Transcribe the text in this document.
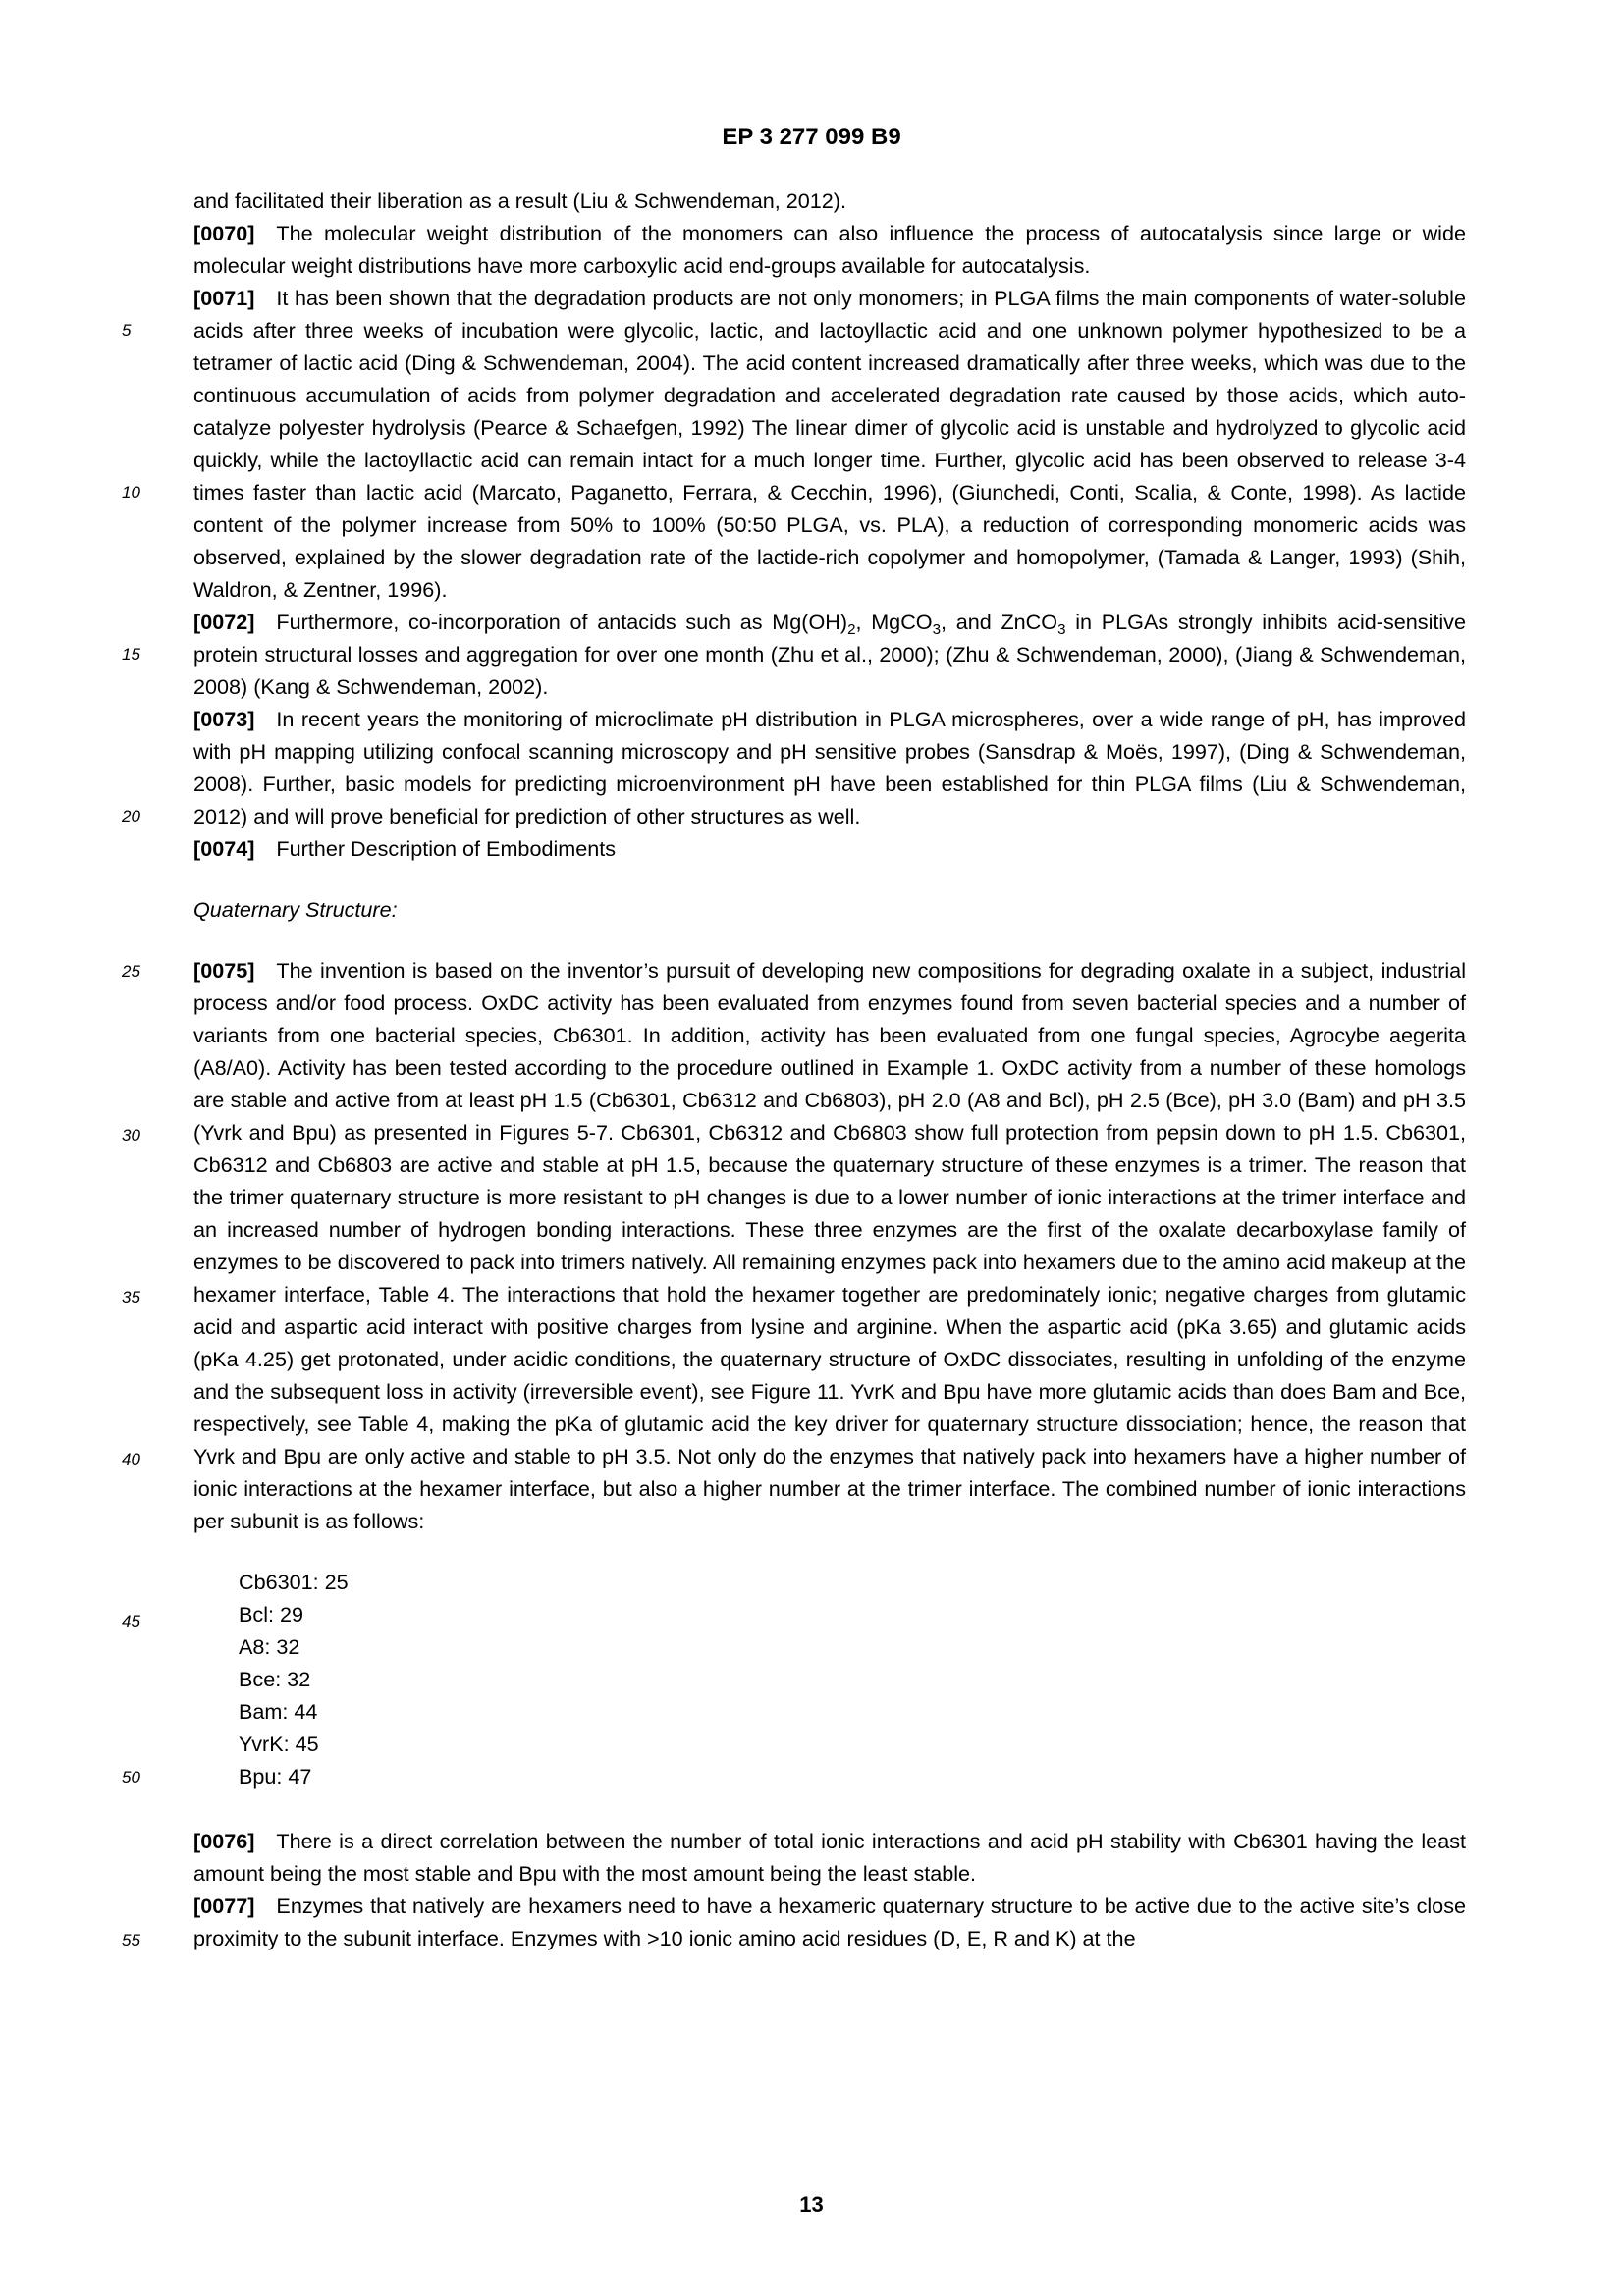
EP 3 277 099 B9
5
10
15
20
25
30
35
40
45
50
55

and facilitated their liberation as a result (Liu & Schwendeman, 2012).

[0070] The molecular weight distribution of the monomers can also influence the process of autocatalysis since large or wide molecular weight distributions have more carboxylic acid end-groups available for autocatalysis.

[0071] It has been shown that the degradation products are not only monomers; in PLGA films the main components of water-soluble acids after three weeks of incubation were glycolic, lactic, and lactoyllactic acid and one unknown polymer hypothesized to be a tetramer of lactic acid (Ding & Schwendeman, 2004). The acid content increased dramatically after three weeks, which was due to the continuous accumulation of acids from polymer degradation and accelerated degradation rate caused by those acids, which auto-catalyze polyester hydrolysis (Pearce & Schaefgen, 1992) The linear dimer of glycolic acid is unstable and hydrolyzed to glycolic acid quickly, while the lactoyllactic acid can remain intact for a much longer time. Further, glycolic acid has been observed to release 3-4 times faster than lactic acid (Marcato, Paganetto, Ferrara, & Cecchin, 1996), (Giunchedi, Conti, Scalia, & Conte, 1998). As lactide content of the polymer increase from 50% to 100% (50:50 PLGA, vs. PLA), a reduction of corresponding monomeric acids was observed, explained by the slower degradation rate of the lactide-rich copolymer and homopolymer, (Tamada & Langer, 1993) (Shih, Waldron, & Zentner, 1996).

[0072] Furthermore, co-incorporation of antacids such as $Mg(OH)_2$, MgCO$_3$, and ZnCO$_3$ in PLGAs strongly inhibits acid-sensitive protein structural losses and aggregation for over one month (Zhu et al., 2000); (Zhu & Schwendeman, 2000), (Jiang & Schwendeman, 2008) (Kang & Schwendeman, 2002).

[0073] In recent years the monitoring of microclimate pH distribution in PLGA microspheres, over a wide range of pH, has improved with pH mapping utilizing confocal scanning microscopy and pH sensitive probes (Sansdrap & Moës, 1997), (Ding & Schwendeman, 2008). Further, basic models for predicting microenvironment pH have been established for thin PLGA films (Liu & Schwendeman, 2012) and will prove beneficial for prediction of other structures as well.

[0074] Further Description of Embodiments

Quaternary Structure:

[0075] The invention is based on the inventor’s pursuit of developing new compositions for degrading oxalate in a subject, industrial process and/or food process. OxDC activity has been evaluated from enzymes found from seven bacterial species and a number of variants from one bacterial species, Cb6301. In addition, activity has been evaluated from one fungal species, Agrocybe aegerita (A8/A0). Activity has been tested according to the procedure outlined in Example 1. OxDC activity from a number of these homologs are stable and active from at least pH 1.5 (Cb6301, Cb6312 and Cb6803), pH 2.0 (A8 and Bcl), pH 2.5 (Bce), pH 3.0 (Bam) and pH 3.5 (Yvrk and Bpu) as presented in Figures 5-7. Cb6301, Cb6312 and Cb6803 show full protection from pepsin down to pH 1.5. Cb6301, Cb6312 and Cb6803 are active and stable at pH 1.5, because the quaternary structure of these enzymes is a trimer. The reason that the trimer quaternary structure is more resistant to pH changes is due to a lower number of ionic interactions at the trimer interface and an increased number of hydrogen bonding interactions. These three enzymes are the first of the oxalate decarboxylase family of enzymes to be discovered to pack into trimers natively. All remaining enzymes pack into hexamers due to the amino acid makeup at the hexamer interface, Table 4. The interactions that hold the hexamer together are predominately ionic; negative charges from glutamic acid and aspartic acid interact with positive charges from lysine and arginine. When the aspartic acid (pKa 3.65) and glutamic acids (pKa 4.25) get protonated, under acidic conditions, the quaternary structure of OxDC dissociates, resulting in unfolding of the enzyme and the subsequent loss in activity (irreversible event), see Figure 11. YvrK and Bpu have more glutamic acids than does Bam and Bce, respectively, see Table 4, making the pKa of glutamic acid the key driver for quaternary structure dissociation; hence, the reason that Yvrk and Bpu are only active and stable to pH 3.5. Not only do the enzymes that natively pack into hexamers have a higher number of ionic interactions at the hexamer interface, but also a higher number at the trimer interface. The combined number of ionic interactions per subunit is as follows:

Cb6301: 25
Bcl: 29
A8: 32
Bce: 32
Bam: 44
YvrK: 45
Bpu: 47

[0076] There is a direct correlation between the number of total ionic interactions and acid pH stability with Cb6301 having the least amount being the most stable and Bpu with the most amount being the least stable.

[0077] Enzymes that natively are hexamers need to have a hexameric quaternary structure to be active due to the active site’s close proximity to the subunit interface. Enzymes with >10 ionic amino acid residues (D, E, R and K) at the

13
